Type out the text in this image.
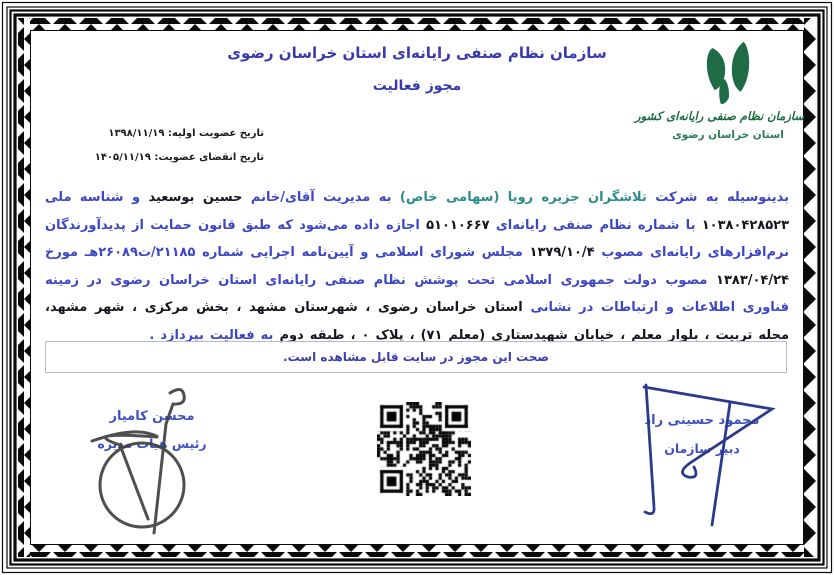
سازمان نظام صنفی رایانه‌ای استان خراسان رضوی
مجوز فعالیت
سازمان نظام صنفی رایانه‌ای کشور
استان خراسان رضوی
تاریخ عضویت اولیه: ۱۳۹۸/۱۱/۱۹
تاریخ انقضای عضویت: ۱۴۰۵/۱۱/۱۹
بدینوسیله به شرکت تلاشگران جزیره رویا (سهامی خاص) به مدیریت آقای/خانم حسین بوسعید و شناسه ملی ۱۰۳۸۰۴۲۸۵۲۳ با شماره نظام صنفی رایانه‌ای ۵۱۰۱۰۶۶۷ اجازه داده می‌شود که طبق قانون حمایت از پدیدآورندگان نرم‌افزارهای رایانه‌ای مصوب ۱۳۷۹/۱۰/۴ مجلس شورای اسلامی و آیین‌نامه اجرایی شماره ۲۱۱۸۵/ت۲۶۰۸۹هـ مورخ ۱۳۸۳/۰۴/۲۴ مصوب دولت جمهوری اسلامی تحت پوشش نظام صنفی رایانه‌ای استان خراسان رضوی در زمینه فناوری اطلاعات و ارتباطات در نشانی استان خراسان رضوی ، شهرستان مشهد ، بخش مرکزی ، شهر مشهد، محله تربیت ، بلوار معلم ، خیابان شهیدستاری (معلم ۷۱) ، پلاک ۰ ، طبقه دوم به فعالیت بپردازد .
صحت این مجوز در سایت قابل مشاهده است.
محسن کامیار
رئیس هیات مدیره
محمود حسینی راد
دبیر سازمان
